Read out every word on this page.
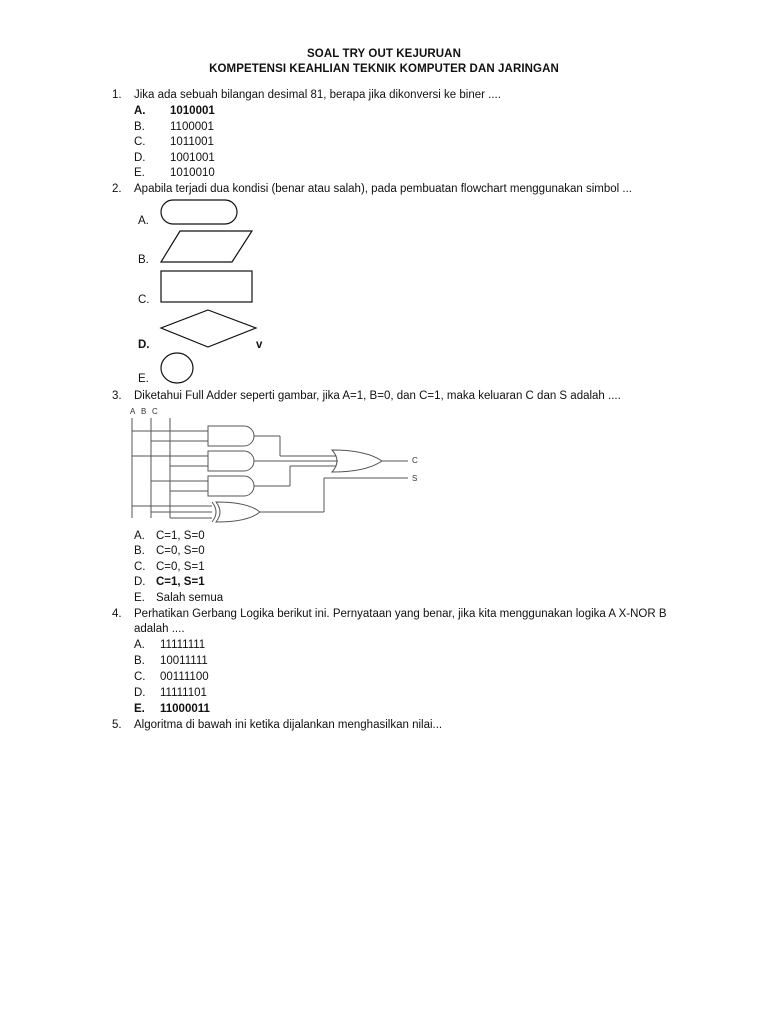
SOAL TRY OUT KEJURUAN
KOMPETENSI KEAHLIAN TEKNIK KOMPUTER DAN JARINGAN
1. Jika ada sebuah bilangan desimal 81, berapa jika dikonversi ke biner ....
A. 1010001
B. 1100001
C. 1011001
D. 1001001
E. 1010010
2. Apabila terjadi dua kondisi (benar atau salah), pada pembuatan flowchart menggunakan simbol ...
A.
B.
C.
D.	v
E.
3. Diketahui Full Adder seperti gambar, jika A=1, B=0, dan C=1, maka keluaran C dan S adalah ....
A B C
C
S
A. C=1, S=0
B. C=0, S=0
C. C=0, S=1
D. C=1, S=1
E. Salah semua
4. Perhatikan Gerbang Logika berikut ini. Pernyataan yang benar, jika kita menggunakan logika A X-NOR B
adalah ....
A. 11111111
B. 10011111
C. 00111100
D. 11111101
E. 11000011
5. Algoritma di bawah ini ketika dijalankan menghasilkan nilai...
